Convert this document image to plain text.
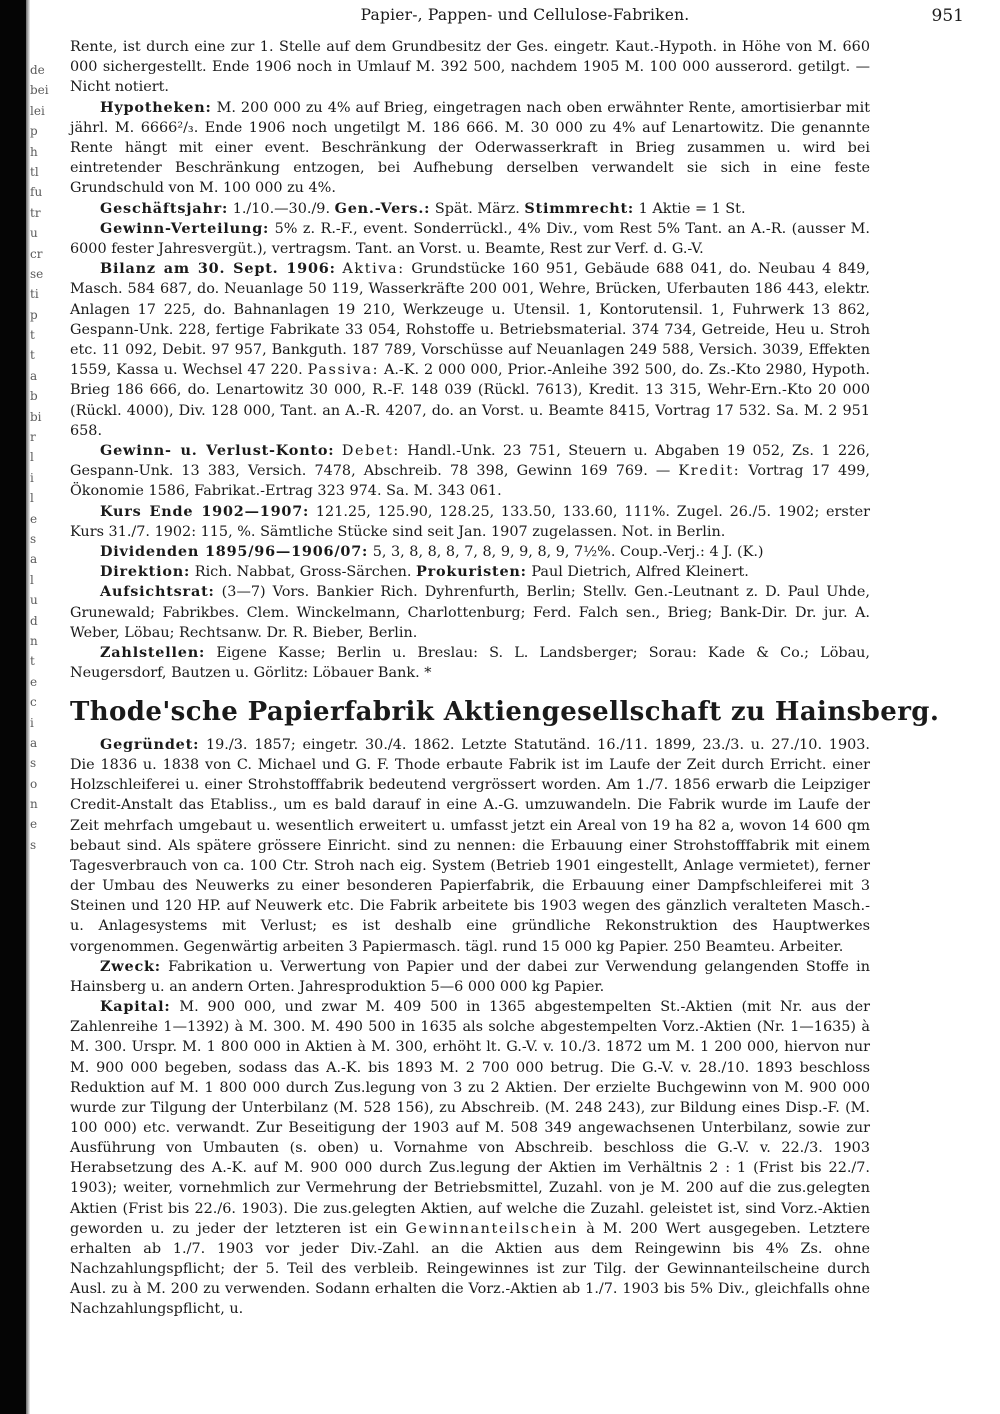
de
bei
lei
p
h
tl
fu
tr
u
cr
se
ti
p
t
t
a
b
bi
r
l
i
l
e
s
a
l
u
d
n
t
e
c
i
a
s
o
n
e
s
Papier-, Pappen- und Cellulose-Fabriken.	951

Rente, ist durch eine zur 1. Stelle auf dem Grundbesitz der Ges. eingetr. Kaut.-Hypoth. in Höhe von M. 660 000 sichergestellt. Ende 1906 noch in Umlauf M. 392 500, nachdem 1905 M. 100 000 ausserord. getilgt. — Nicht notiert.

Hypotheken: M. 200 000 zu 4% auf Brieg, eingetragen nach oben erwähnter Rente, amortisierbar mit jährl. M. 6666²/₃. Ende 1906 noch ungetilgt M. 186 666. M. 30 000 zu 4% auf Lenartowitz. Die genannte Rente hängt mit einer event. Beschränkung der Oderwasserkraft in Brieg zusammen u. wird bei eintretender Beschränkung entzogen, bei Aufhebung derselben verwandelt sie sich in eine feste Grundschuld von M. 100 000 zu 4%.

Geschäftsjahr: 1./10.—30./9. Gen.-Vers.: Spät. März. Stimmrecht: 1 Aktie = 1 St.

Gewinn-Verteilung: 5% z. R.-F., event. Sonderrückl., 4% Div., vom Rest 5% Tant. an A.-R. (ausser M. 6000 fester Jahresvergüt.), vertragsm. Tant. an Vorst. u. Beamte, Rest zur Verf. d. G.-V.

Bilanz am 30. Sept. 1906: Aktiva: Grundstücke 160 951, Gebäude 688 041, do. Neubau 4 849, Masch. 584 687, do. Neuanlage 50 119, Wasserkräfte 200 001, Wehre, Brücken, Uferbauten 186 443, elektr. Anlagen 17 225, do. Bahnanlagen 19 210, Werkzeuge u. Utensil. 1, Kontorutensil. 1, Fuhrwerk 13 862, Gespann-Unk. 228, fertige Fabrikate 33 054, Rohstoffe u. Betriebsmaterial. 374 734, Getreide, Heu u. Stroh etc. 11 092, Debit. 97 957, Bankguth. 187 789, Vorschüsse auf Neuanlagen 249 588, Versich. 3039, Effekten 1559, Kassa u. Wechsel 47 220. Passiva: A.-K. 2 000 000, Prior.-Anleihe 392 500, do. Zs.-Kto 2980, Hypoth. Brieg 186 666, do. Lenartowitz 30 000, R.-F. 148 039 (Rückl. 7613), Kredit. 13 315, Wehr-Ern.-Kto 20 000 (Rückl. 4000), Div. 128 000, Tant. an A.-R. 4207, do. an Vorst. u. Beamte 8415, Vortrag 17 532. Sa. M. 2 951 658.

Gewinn- u. Verlust-Konto: Debet: Handl.-Unk. 23 751, Steuern u. Abgaben 19 052, Zs. 1 226, Gespann-Unk. 13 383, Versich. 7478, Abschreib. 78 398, Gewinn 169 769. — Kredit: Vortrag 17 499, Ökonomie 1586, Fabrikat.-Ertrag 323 974. Sa. M. 343 061.

Kurs Ende 1902—1907: 121.25, 125.90, 128.25, 133.50, 133.60, 111%. Zugel. 26./5. 1902; erster Kurs 31./7. 1902: 115, %. Sämtliche Stücke sind seit Jan. 1907 zugelassen. Not. in Berlin.

Dividenden 1895/96—1906/07: 5, 3, 8, 8, 8, 7, 8, 9, 9, 8, 9, 7½%. Coup.-Verj.: 4 J. (K.)

Direktion: Rich. Nabbat, Gross-Särchen. Prokuristen: Paul Dietrich, Alfred Kleinert.

Aufsichtsrat: (3—7) Vors. Bankier Rich. Dyhrenfurth, Berlin; Stellv. Gen.-Leutnant z. D. Paul Uhde, Grunewald; Fabrikbes. Clem. Winckelmann, Charlottenburg; Ferd. Falch sen., Brieg; Bank-Dir. Dr. jur. A. Weber, Löbau; Rechtsanw. Dr. R. Bieber, Berlin.

Zahlstellen: Eigene Kasse; Berlin u. Breslau: S. L. Landsberger; Sorau: Kade & Co.; Löbau, Neugersdorf, Bautzen u. Görlitz: Löbauer Bank. *

Thode'sche Papierfabrik Aktiengesellschaft zu Hainsberg.

Gegründet: 19./3. 1857; eingetr. 30./4. 1862. Letzte Statutänd. 16./11. 1899, 23./3. u. 27./10. 1903. Die 1836 u. 1838 von C. Michael und G. F. Thode erbaute Fabrik ist im Laufe der Zeit durch Erricht. einer Holzschleiferei u. einer Strohstofffabrik bedeutend vergrössert worden. Am 1./7. 1856 erwarb die Leipziger Credit-Anstalt das Etabliss., um es bald darauf in eine A.-G. umzuwandeln. Die Fabrik wurde im Laufe der Zeit mehrfach umgebaut u. wesentlich erweitert u. umfasst jetzt ein Areal von 19 ha 82 a, wovon 14 600 qm bebaut sind. Als spätere grössere Einricht. sind zu nennen: die Erbauung einer Strohstofffabrik mit einem Tagesverbrauch von ca. 100 Ctr. Stroh nach eig. System (Betrieb 1901 eingestellt, Anlage vermietet), ferner der Umbau des Neuwerks zu einer besonderen Papierfabrik, die Erbauung einer Dampfschleiferei mit 3 Steinen und 120 HP. auf Neuwerk etc. Die Fabrik arbeitete bis 1903 wegen des gänzlich veralteten Masch.- u. Anlagesystems mit Verlust; es ist deshalb eine gründliche Rekonstruktion des Hauptwerkes vorgenommen. Gegenwärtig arbeiten 3 Papiermasch. tägl. rund 15 000 kg Papier. 250 Beamteu. Arbeiter.

Zweck: Fabrikation u. Verwertung von Papier und der dabei zur Verwendung gelangenden Stoffe in Hainsberg u. an andern Orten. Jahresproduktion 5—6 000 000 kg Papier.

Kapital: M. 900 000, und zwar M. 409 500 in 1365 abgestempelten St.-Aktien (mit Nr. aus der Zahlenreihe 1—1392) à M. 300. M. 490 500 in 1635 als solche abgestempelten Vorz.-Aktien (Nr. 1—1635) à M. 300. Urspr. M. 1 800 000 in Aktien à M. 300, erhöht lt. G.-V. v. 10./3. 1872 um M. 1 200 000, hiervon nur M. 900 000 begeben, sodass das A.-K. bis 1893 M. 2 700 000 betrug. Die G.-V. v. 28./10. 1893 beschloss Reduktion auf M. 1 800 000 durch Zus.legung von 3 zu 2 Aktien. Der erzielte Buchgewinn von M. 900 000 wurde zur Tilgung der Unterbilanz (M. 528 156), zu Abschreib. (M. 248 243), zur Bildung eines Disp.-F. (M. 100 000) etc. verwandt. Zur Beseitigung der 1903 auf M. 508 349 angewachsenen Unterbilanz, sowie zur Ausführung von Umbauten (s. oben) u. Vornahme von Abschreib. beschloss die G.-V. v. 22./3. 1903 Herabsetzung des A.-K. auf M. 900 000 durch Zus.legung der Aktien im Verhältnis 2 : 1 (Frist bis 22./7. 1903); weiter, vornehmlich zur Vermehrung der Betriebsmittel, Zuzahl. von je M. 200 auf die zus.gelegten Aktien (Frist bis 22./6. 1903). Die zus.gelegten Aktien, auf welche die Zuzahl. geleistet ist, sind Vorz.-Aktien geworden u. zu jeder der letzteren ist ein Gewinnanteilschein à M. 200 Wert ausgegeben. Letztere erhalten ab 1./7. 1903 vor jeder Div.-Zahl. an die Aktien aus dem Reingewinn bis 4% Zs. ohne Nachzahlungspflicht; der 5. Teil des verbleib. Reingewinnes ist zur Tilg. der Gewinnanteilscheine durch Ausl. zu à M. 200 zu verwenden. Sodann erhalten die Vorz.-Aktien ab 1./7. 1903 bis 5% Div., gleichfalls ohne Nachzahlungspflicht, u.
